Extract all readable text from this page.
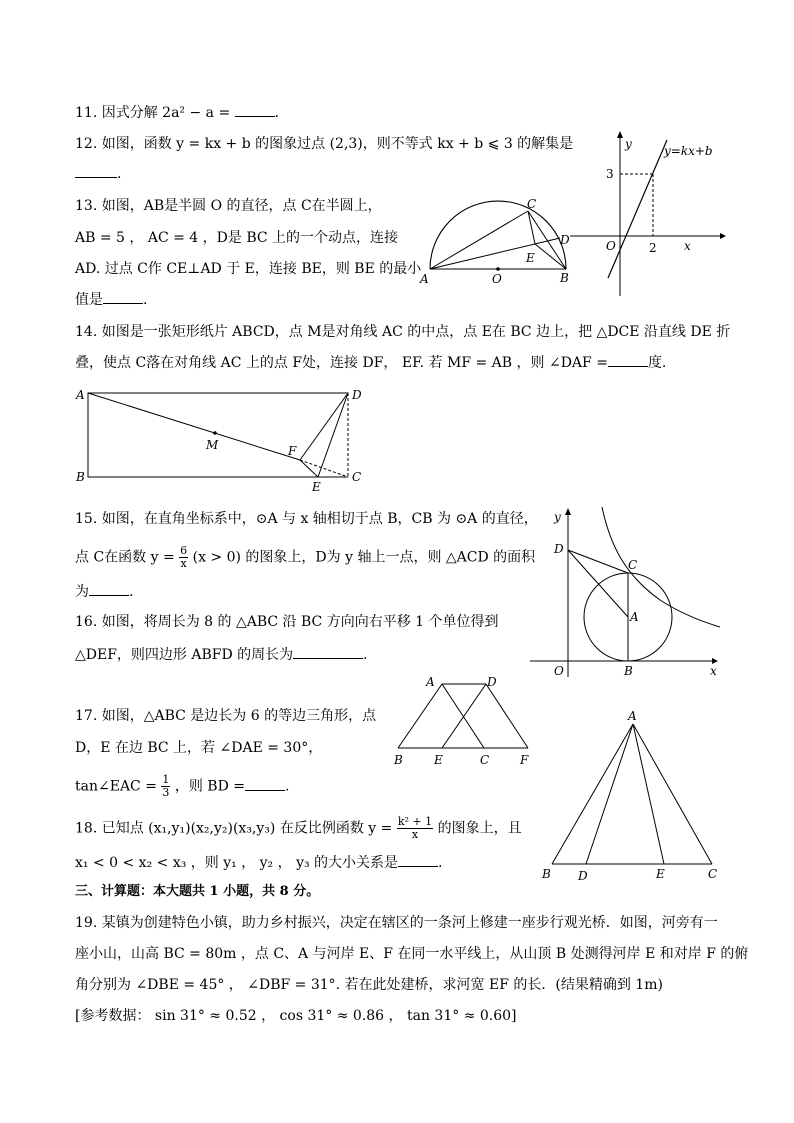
11. 因式分解 2a² − a =	.
12. 如图，函数 y = kx + b 的图象过点 (2,3)，则不等式 kx + b ⩽ 3 的解集是
.
13. 如图，AB是半圆 O 的直径，点 C在半圆上，
AB = 5 ， AC = 4 ，D是 BC 上的一个动点，连接
AD. 过点 C作 CE⊥AD 于 E，连接 BE，则 BE 的最小
值是	.
14. 如图是一张矩形纸片 ABCD，点 M是对角线 AC 的中点，点 E在 BC 边上，把 △DCE 沿直线 DE 折
叠，使点 C落在对角线 AC 上的点 F处，连接 DF， EF. 若 MF = AB ，则 ∠DAF =	度.
15. 如图，在直角坐标系中，⊙A 与 x 轴相切于点 B，CB 为 ⊙A 的直径，
点 C在函数 $y = \frac{6}{x} (x > 0)$ 的图象上，D为 y 轴上一点，则 △ACD 的面积
为	.
16. 如图，将周长为 8 的 △ABC 沿 BC 方向向右平移 1 个单位得到
△DEF，则四边形 ABFD 的周长为	.
17. 如图，△ABC 是边长为 6 的等边三角形，点
D，E 在边 BC 上，若 ∠DAE = 30°，
tan∠EAC = $\frac{1}{3}$ ，则 BD =	.
18. 已知点 (x₁,y₁)(x₂,y₂)(x₃,y₃) 在反比例函数 $y = \frac{\text{k² + 1}}{x}$ 的图象上，且
x₁ < 0 < x₂ < x₃ ，则 y₁ ， y₂ ， y₃ 的大小关系是	.
三、计算题：本大题共 1 小题，共 8 分。
19. 某镇为创建特色小镇，助力乡村振兴，决定在辖区的一条河上修建一座步行观光桥．如图，河旁有一
座小山，山高 BC = 80m ，点 C、A 与河岸 E、F 在同一水平线上，从山顶 B 处测得河岸 E 和对岸 F 的俯
角分别为 ∠DBE = 45° ， ∠DBF = 31°. 若在此处建桥，求河宽 EF 的长．(结果精确到 1m)
[参考数据： sin 31° ≈ 0.52 ， cos 31° ≈ 0.86 ， tan 31° ≈ 0.60]
y=kx+b
y
x
O
3
2
A	B
C
D
E
O
A
B	C
D
M	F
E
y
x
O	B
A
C
D
A	D
B	E	C	F
A
B D	E	C
